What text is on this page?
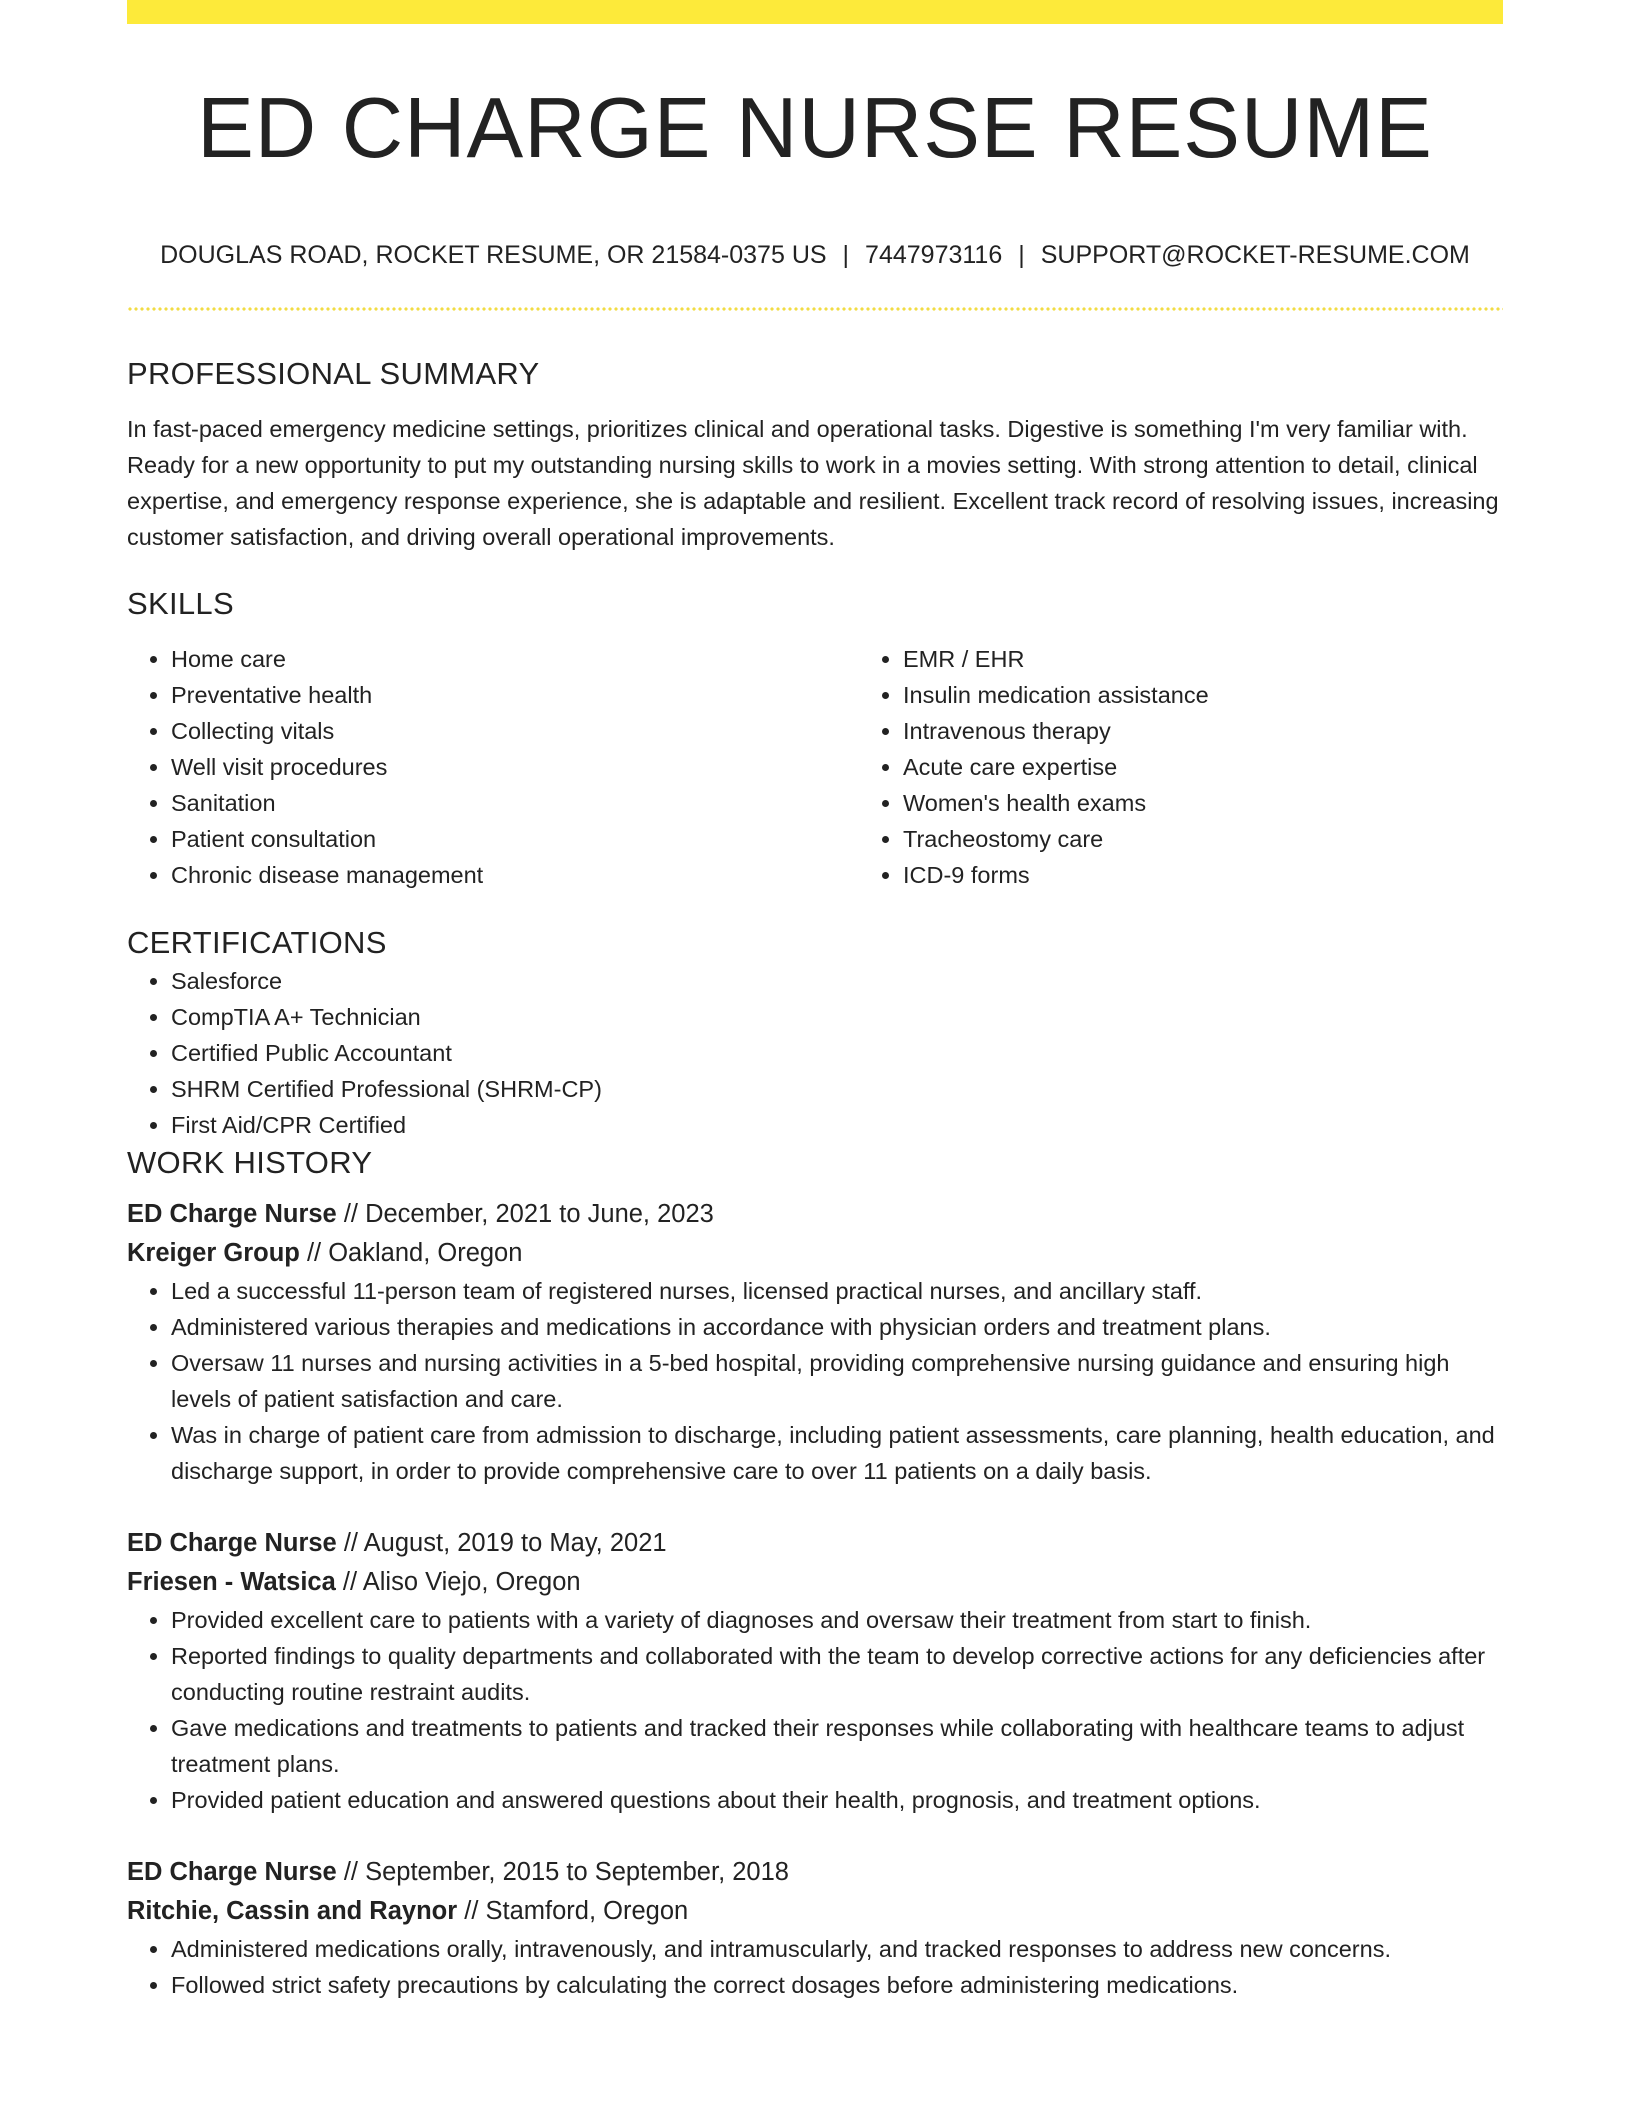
ED CHARGE NURSE RESUME
DOUGLAS ROAD, ROCKET RESUME, OR 21584-0375 US | 7447973116 | SUPPORT@ROCKET-RESUME.COM
PROFESSIONAL SUMMARY

In fast-paced emergency medicine settings, prioritizes clinical and operational tasks. Digestive is something I'm very familiar with. Ready for a new opportunity to put my outstanding nursing skills to work in a movies setting. With strong attention to detail, clinical expertise, and emergency response experience, she is adaptable and resilient. Excellent track record of resolving issues, increasing customer satisfaction, and driving overall operational improvements.

SKILLS
• Home care
• Preventative health
• Collecting vitals
• Well visit procedures
• Sanitation
• Patient consultation
• Chronic disease management
• EMR / EHR
• Insulin medication assistance
• Intravenous therapy
• Acute care expertise
• Women's health exams
• Tracheostomy care
• ICD-9 forms
CERTIFICATIONS
• Salesforce
• CompTIA A+ Technician
• Certified Public Accountant
• SHRM Certified Professional (SHRM-CP)
• First Aid/CPR Certified
WORK HISTORY
ED Charge Nurse // December, 2021 to June, 2023
Kreiger Group // Oakland, Oregon
• Led a successful 11-person team of registered nurses, licensed practical nurses, and ancillary staff.
• Administered various therapies and medications in accordance with physician orders and treatment plans.
• Oversaw 11 nurses and nursing activities in a 5-bed hospital, providing comprehensive nursing guidance and ensuring high levels of patient satisfaction and care.
• Was in charge of patient care from admission to discharge, including patient assessments, care planning, health education, and discharge support, in order to provide comprehensive care to over 11 patients on a daily basis.
ED Charge Nurse // August, 2019 to May, 2021
Friesen - Watsica // Aliso Viejo, Oregon
• Provided excellent care to patients with a variety of diagnoses and oversaw their treatment from start to finish.
• Reported findings to quality departments and collaborated with the team to develop corrective actions for any deficiencies after conducting routine restraint audits.
• Gave medications and treatments to patients and tracked their responses while collaborating with healthcare teams to adjust treatment plans.
• Provided patient education and answered questions about their health, prognosis, and treatment options.
ED Charge Nurse // September, 2015 to September, 2018
Ritchie, Cassin and Raynor // Stamford, Oregon
• Administered medications orally, intravenously, and intramuscularly, and tracked responses to address new concerns.
• Followed strict safety precautions by calculating the correct dosages before administering medications.
